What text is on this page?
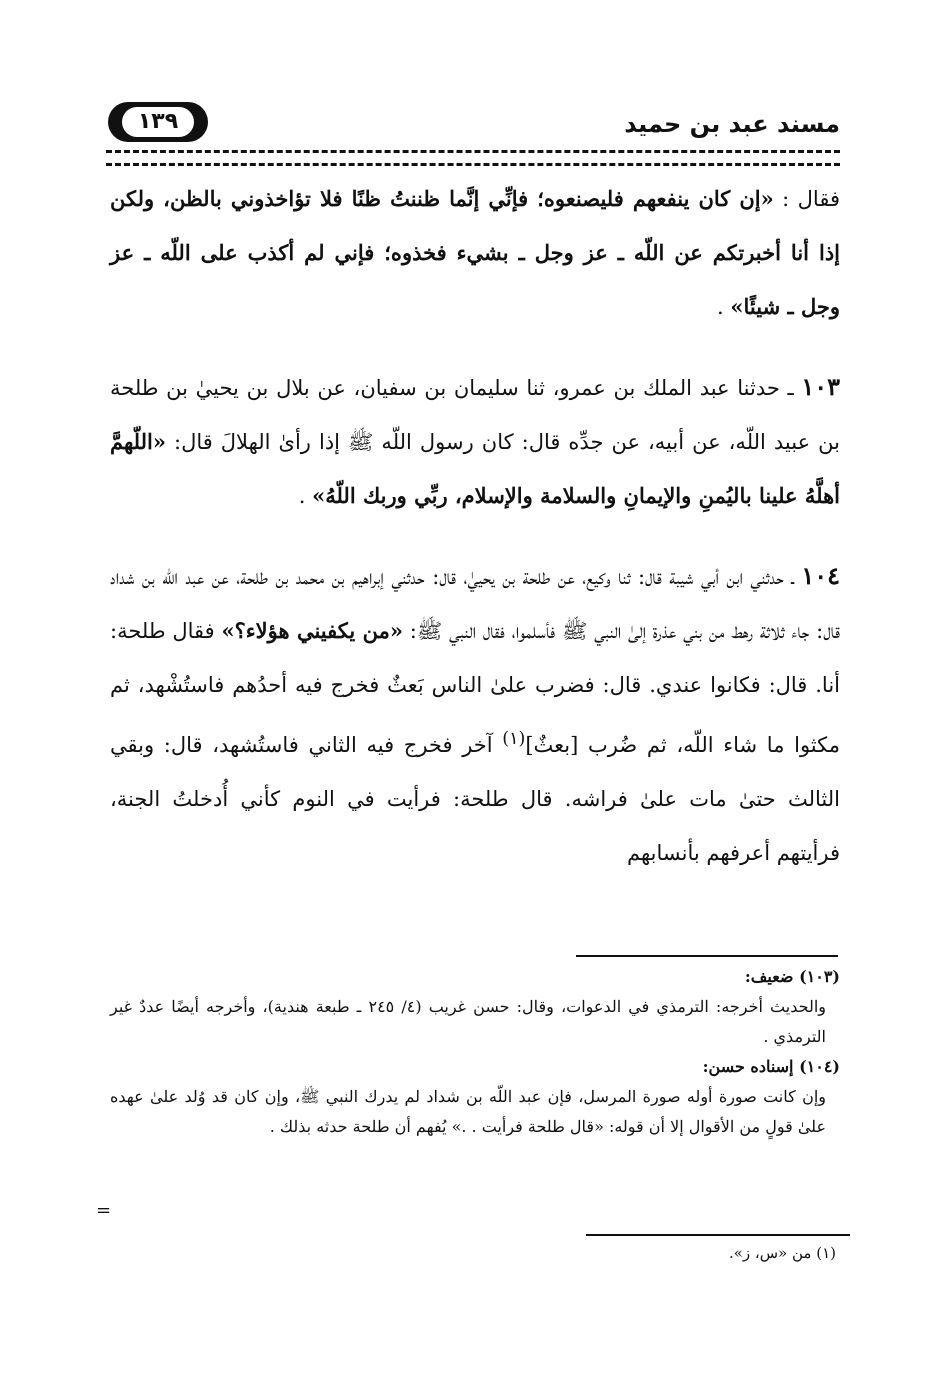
مسند عبد بن حميد
١٣٩

فقال : «إن كان ينفعهم فليصنعوه؛ فإنِّي إنَّما ظننتُ ظنًا فلا تؤاخذوني بالظن، ولكن إذا أنا أخبرتكم عن اللّه ـ عز وجل ـ بشيء فخذوه؛ فإني لم أكذب على اللّه ـ عز وجل ـ شيئًا» .

١٠٣ ـ حدثنا عبد الملك بن عمرو، ثنا سليمان بن سفيان، عن بلال بن يحييٰ بن طلحة بن عبيد اللّه، عن أبيه، عن جدِّه قال: كان رسول اللّه ﷺ إذا رأىٰ الهلالَ قال: «اللّهمَّ أهلَّهُ علينا باليُمنِ والإيمانِ والسلامة والإسلام، ربِّي وربك اللّهُ» .

١٠٤ ـ حدثني ابن أبي شيبة قال: ثنا وكيع، عن طلحة بن يحييٰ، قال: حدثني إبراهيم بن محمد بن طلحة، عن عبد اللّه بن شداد قال: جاء ثلاثة رهط من بني عذرة إلىٰ النبي ﷺ فأسلموا، فقال النبي ﷺ: «من يكفيني هؤلاء؟» فقال طلحة: أنا. قال: فكانوا عندي. قال: فضرب علىٰ الناس بَعثٌ فخرج فيه أحدُهم فاستُشْهد، ثم مكثوا ما شاء اللّه، ثم ضُرب [بعثٌ]$^{(١)}$ آخر فخرج فيه الثاني فاستُشهد، قال: وبقي الثالث حتىٰ مات علىٰ فراشه. قال طلحة: فرأيت في النوم كأني أُدخلتُ الجنة، فرأيتهم أعرفهم بأنسابهم

(١٠٣) ضعيف:

والحديث أخرجه: الترمذي في الدعوات، وقال: حسن غريب (٤/ ٢٤٥ ـ طبعة هندية)، وأخرجه أيضًا عددٌ غير الترمذي .

(١٠٤) إسناده حسن:

وإن كانت صورة أوله صورة المرسل، فإن عبد اللّه بن شداد لم يدرك النبي ﷺ، وإن كان قد وُلد علىٰ عهده علىٰ قولٍ من الأقوال إلا أن قوله: «قال طلحة فرأيت . .» يُفهم أن طلحة حدثه بذلك .

=
(١) من «س، ز».
